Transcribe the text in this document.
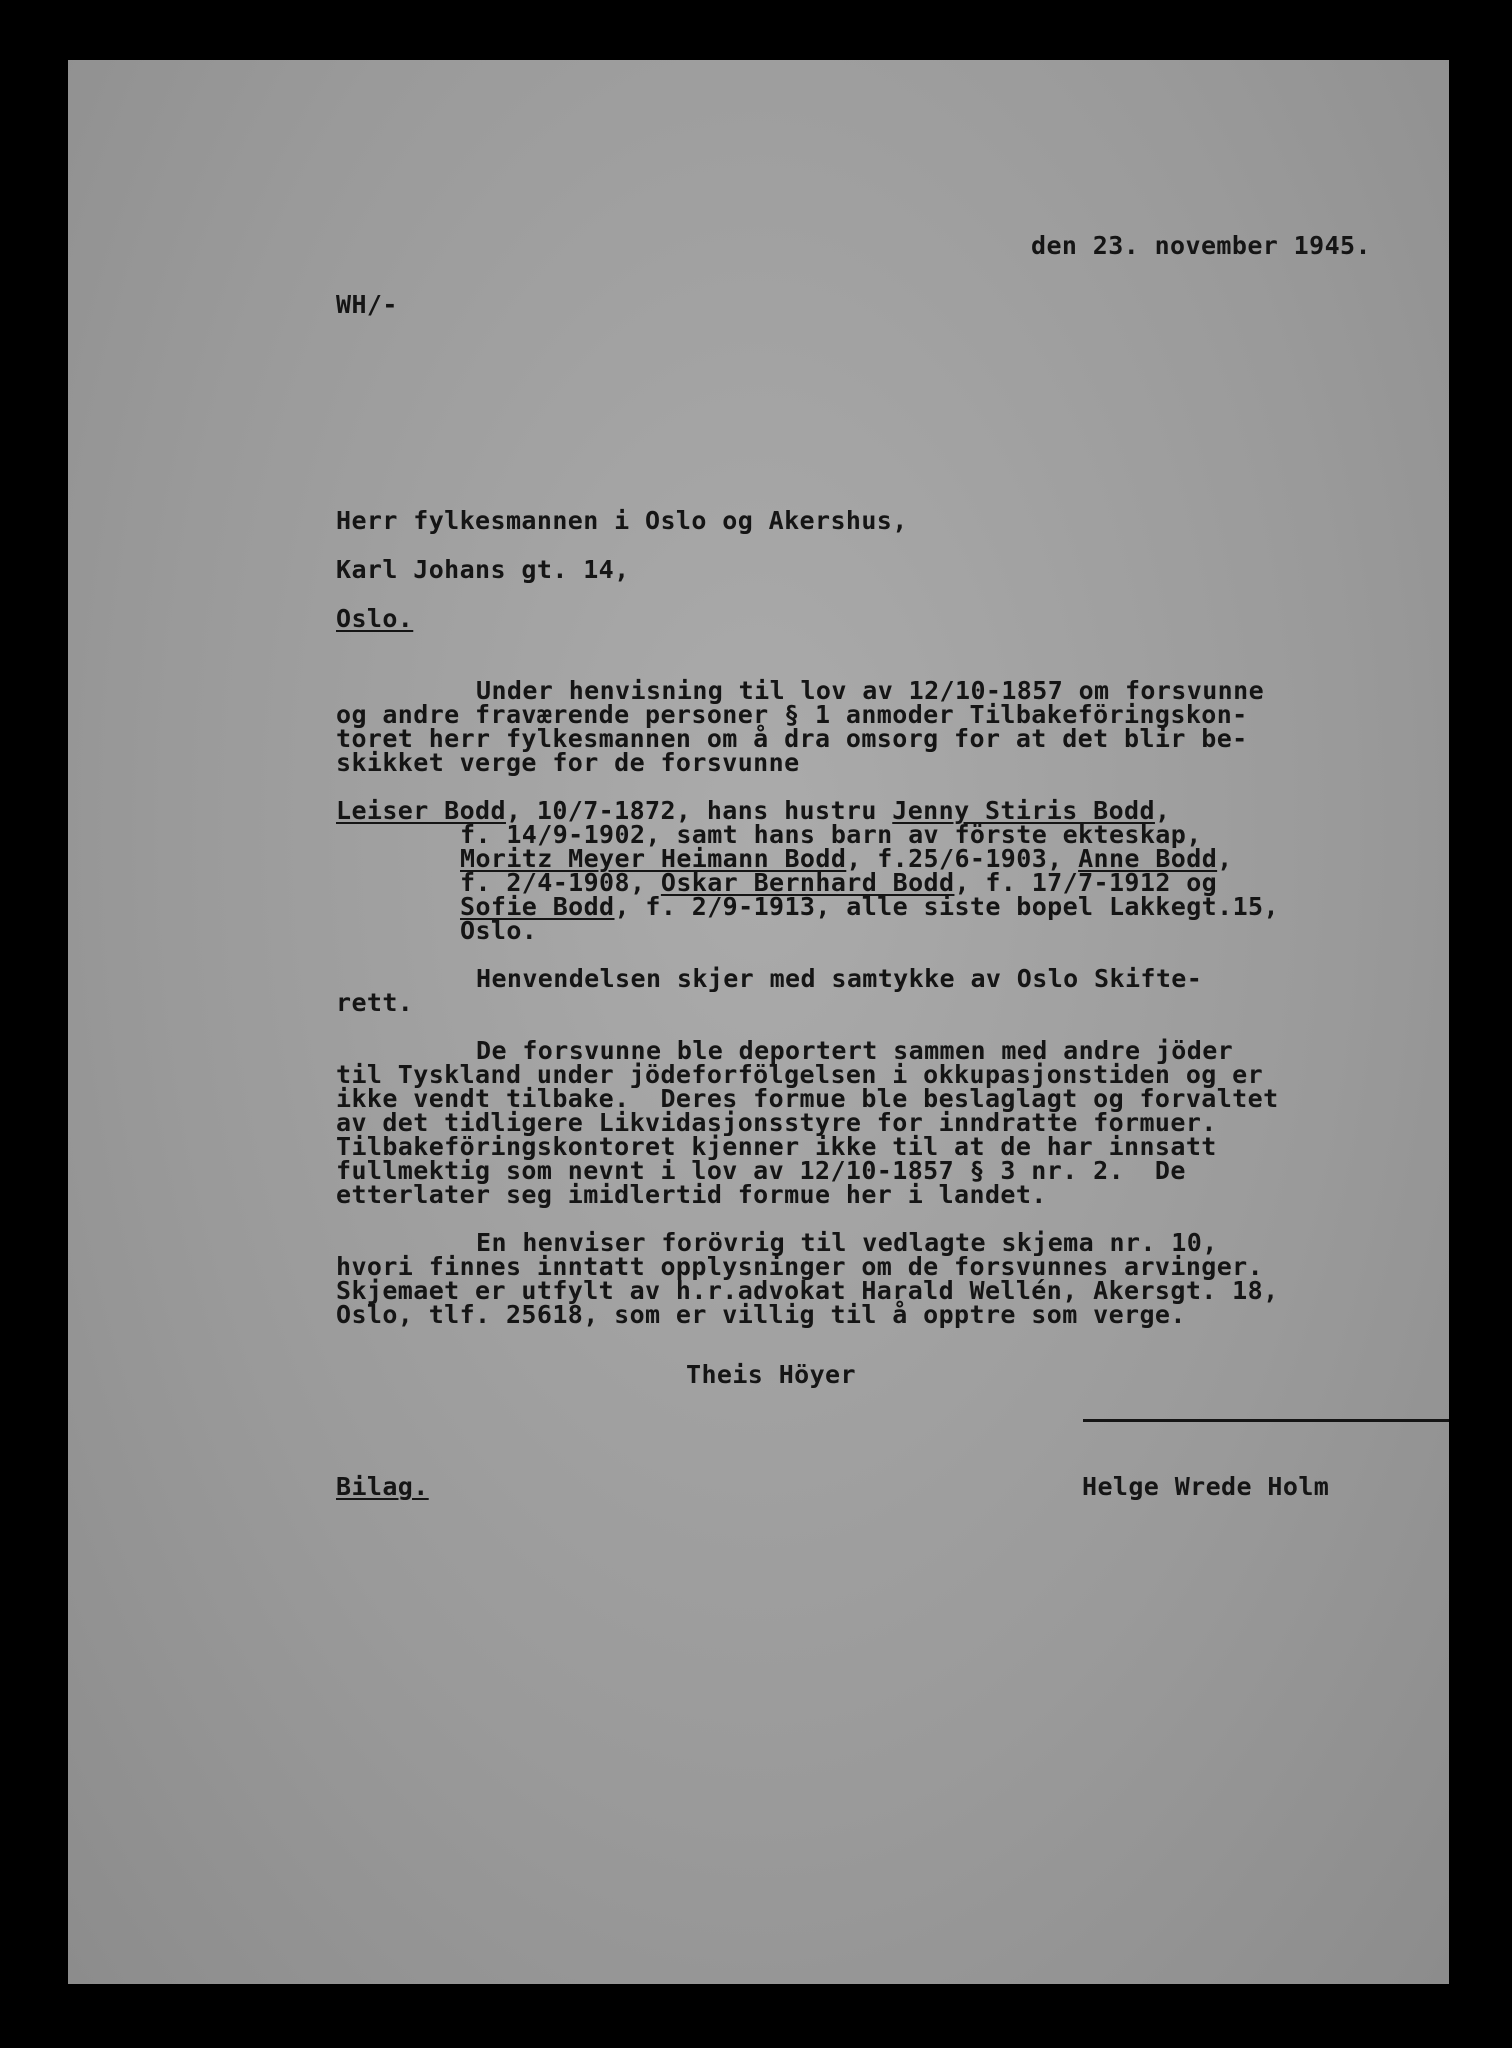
den 23. november 1945.
WH/-
Herr fylkesmannen i Oslo og Akershus,
Karl Johans gt. 14,
Oslo.
Under henvisning til lov av 12/10-1857 om forsvunne
og andre fraværende personer § 1 anmoder Tilbakeföringskon-
toret herr fylkesmannen om å dra omsorg for at det blir be-
skikket verge for de forsvunne
Leiser Bodd, 10/7-1872, hans hustru Jenny Stiris Bodd,
f. 14/9-1902, samt hans barn av förste ekteskap,
Moritz Meyer Heimann Bodd, f.25/6-1903, Anne Bodd,
f. 2/4-1908, Oskar Bernhard Bodd, f. 17/7-1912 og
Sofie Bodd, f. 2/9-1913, alle siste bopel Lakkegt.15,
Oslo.
Henvendelsen skjer med samtykke av Oslo Skifte-
rett.
De forsvunne ble deportert sammen med andre jöder
til Tyskland under jödeforfölgelsen i okkupasjonstiden og er
ikke vendt tilbake.  Deres formue ble beslaglagt og forvaltet
av det tidligere Likvidasjonsstyre for inndratte formuer.
Tilbakeföringskontoret kjenner ikke til at de har innsatt
fullmektig som nevnt i lov av 12/10-1857 § 3 nr. 2.  De
etterlater seg imidlertid formue her i landet.
En henviser forövrig til vedlagte skjema nr. 10,
hvori finnes inntatt opplysninger om de forsvunnes arvinger.
Skjemaet er utfylt av h.r.advokat Harald Wellén, Akersgt. 18,
Oslo, tlf. 25618, som er villig til å opptre som verge.
Theis Höyer
Bilag.	Helge Wrede Holm
